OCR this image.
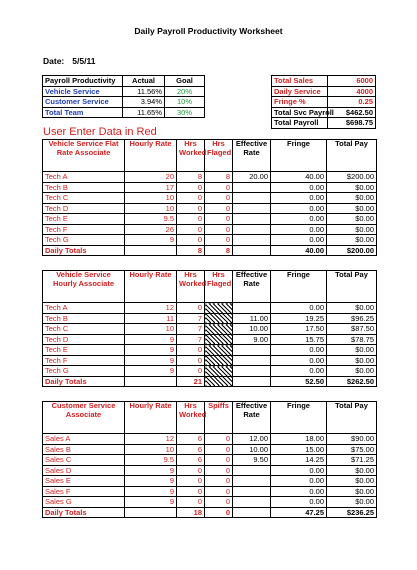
Daily Payroll Productivity Worksheet
Date: 5/5/11
Payroll Productivity	Actual	Goal
Vehicle Service	11.56%	20%
Customer Service	3.94%	10%
Total Team	11.65%	30%
Total Sales	6000
Daily Service	4000
Fringe %	0.25
Total Svc Payroll	$462.50
Total Payroll	$698.75
User Enter Data in Red
Vehicle Service Flat Rate Associate	Hourly Rate	Hrs Worked	Hrs Flaged	Effective Rate	Fringe	Total Pay
Tech A	20	8	8	20.00	40.00	$200.00
Tech B	17	0	0		0.00	$0.00
Tech C	10	0	0		0.00	$0.00
Tech D	10	0	0		0.00	$0.00
Tech E	9.5	0	0		0.00	$0.00
Tech F	26	0	0		0.00	$0.00
Tech G	9	0	0		0.00	$0.00
Daily Totals		8	8		40.00	$200.00
Vehicle Service Hourly Associate	Hourly Rate	Hrs Worked	Hrs Flaged	Effective Rate	Fringe	Total Pay
Tech A	12	0			0.00	$0.00
Tech B	11	7		11.00	19.25	$96.25
Tech C	10	7		10.00	17.50	$87.50
Tech D	9	7		9.00	15.75	$78.75
Tech E	9	0			0.00	$0.00
Tech F	9	0			0.00	$0.00
Tech G	9	0			0.00	$0.00
Daily Totals		21			52.50	$262.50
Customer Service Associate	Hourly Rate	Hrs Worked	Spiffs	Effective Rate	Fringe	Total Pay
Sales A	12	6	0	12.00	18.00	$90.00
Sales B	10	6	0	10.00	15.00	$75.00
Sales C	9.5	6	0	9.50	14.25	$71.25
Sales D	9	0	0		0.00	$0.00
Sales E	9	0	0		0.00	$0.00
Sales F	9	0	0		0.00	$0.00
Sales G	9	0	0		0.00	$0.00
Daily Totals		18	0		47.25	$236.25
